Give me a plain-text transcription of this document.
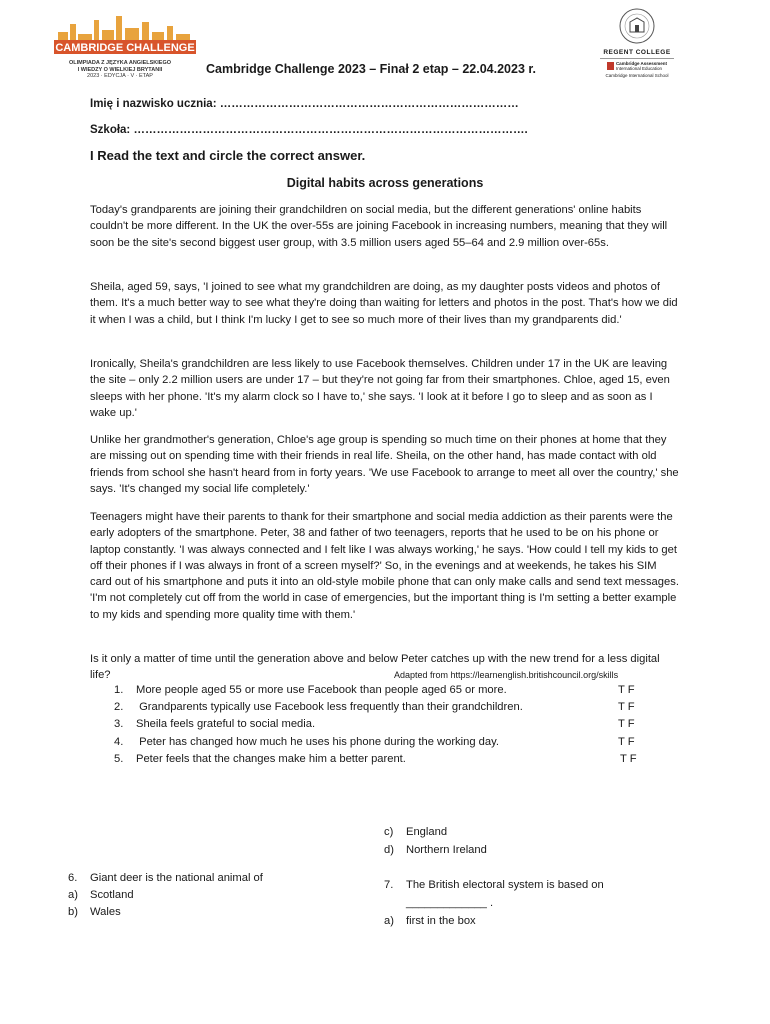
CAMBRIDGE CHALLENGE
OLIMPIADA Z JĘZYKA ANGIELSKIEGO
I WIEDZY O WIELKIEJ BRYTANII
2023 · EDYCJA · V · ETAP
REGENT COLLEGE
Cambridge Assessment
International Education
Cambridge International School
Cambridge Challenge 2023 – Finał 2 etap – 22.04.2023 r.
Imię i nazwisko ucznia: ……………………………………………………………………
Szkoła: ………………………………………………………………………………………….
I Read the text and circle the correct answer.
Digital habits across generations

Today's grandparents are joining their grandchildren on social media, but the different generations' online habits couldn't be more different. In the UK the over-55s are joining Facebook in increasing numbers, meaning that they will soon be the site's second biggest user group, with 3.5 million users aged 55–64 and 2.9 million over-65s.

Sheila, aged 59, says, 'I joined to see what my grandchildren are doing, as my daughter posts videos and photos of them. It's a much better way to see what they're doing than waiting for letters and photos in the post. That's how we did it when I was a child, but I think I'm lucky I get to see so much more of their lives than my grandparents did.'

Ironically, Sheila's grandchildren are less likely to use Facebook themselves. Children under 17 in the UK are leaving the site – only 2.2 million users are under 17 – but they're not going far from their smartphones. Chloe, aged 15, even sleeps with her phone. 'It's my alarm clock so I have to,' she says. 'I look at it before I go to sleep and as soon as I wake up.'

Unlike her grandmother's generation, Chloe's age group is spending so much time on their phones at home that they are missing out on spending time with their friends in real life. Sheila, on the other hand, has made contact with old friends from school she hasn't heard from in forty years. 'We use Facebook to arrange to meet all over the country,' she says. 'It's changed my social life completely.'

Teenagers might have their parents to thank for their smartphone and social media addiction as their parents were the early adopters of the smartphone. Peter, 38 and father of two teenagers, reports that he used to be on his phone or laptop constantly. 'I was always connected and I felt like I was always working,' he says. 'How could I tell my kids to get off their phones if I was always in front of a screen myself?' So, in the evenings and at weekends, he takes his SIM card out of his smartphone and puts it into an old-style mobile phone that can only make calls and send text messages. 'I'm not completely cut off from the world in case of emergencies, but the important thing is I'm setting a better example to my kids and spending more quality time with them.'

Is it only a matter of time until the generation above and below Peter catches up with the new trend for a less digital life?	Adapted from https://learnenglish.britishcouncil.org/skills
1. More people aged 55 or more use Facebook than people aged 65 or more.	T F
2. Grandparents typically use Facebook less frequently than their grandchildren.	T F
3. Sheila feels grateful to social media.	T F
4. Peter has changed how much he uses his phone during the working day.	T F
5. Peter feels that the changes make him a better parent.	T F
c) England
d) Northern Ireland
6. Giant deer is the national animal of
a) Scotland
b) Wales
7. The British electoral system is based on
_____________ .
a) first in the box
